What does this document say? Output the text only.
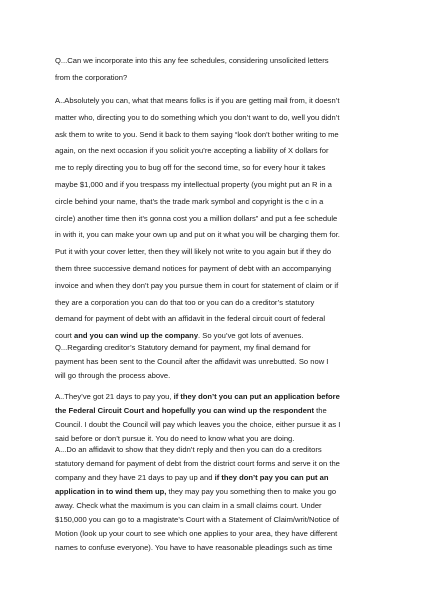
Q...Can we incorporate into this any fee schedules, considering unsolicited letters
from the corporation?
A..Absolutely you can, what that means folks is if you are getting mail from, it doesn’t
matter who, directing you to do something which you don’t want to do, well you didn’t
ask them to write to you. Send it back to them saying “look don’t bother writing to me
again, on the next occasion if you solicit you’re accepting a liability of X dollars for
me to reply directing you to bug off for the second time, so for every hour it takes
maybe $1,000 and if you trespass my intellectual property (you might put an R in a
circle behind your name, that’s the trade mark symbol and copyright is the c in a
circle) another time then it’s gonna cost you a million dollars” and put a fee schedule
in with it, you can make your own up and put on it what you will be charging them for.
Put it with your cover letter, then they will likely not write to you again but if they do
them three successive demand notices for payment of debt with an accompanying
invoice and when they don’t pay you pursue them in court for statement of claim or if
they are a corporation you can do that too or you can do a creditor’s statutory
demand for payment of debt with an affidavit in the federal circuit court of federal
court and you can wind up the company. So you’ve got lots of avenues.
Q...Regarding creditor’s Statutory demand for payment, my final demand for
payment has been sent to the Council after the affidavit was unrebutted. So now I
will go through the process above.
A..They’ve got 21 days to pay you, if they don’t you can put an application before
the Federal Circuit Court and hopefully you can wind up the respondent the
Council. I doubt the Council will pay which leaves you the choice, either pursue it as I
said before or don’t pursue it. You do need to know what you are doing.
A...Do an affidavit to show that they didn’t reply and then you can do a creditors
statutory demand for payment of debt from the district court forms and serve it on the
company and they have 21 days to pay up and if they don’t pay you can put an
application in to wind them up, they may pay you something then to make you go
away. Check what the maximum is you can claim in a small claims court. Under
$150,000 you can go to a magistrate’s Court with a Statement of Claim/writ/Notice of
Motion (look up your court to see which one applies to your area, they have different
names to confuse everyone). You have to have reasonable pleadings such as time
